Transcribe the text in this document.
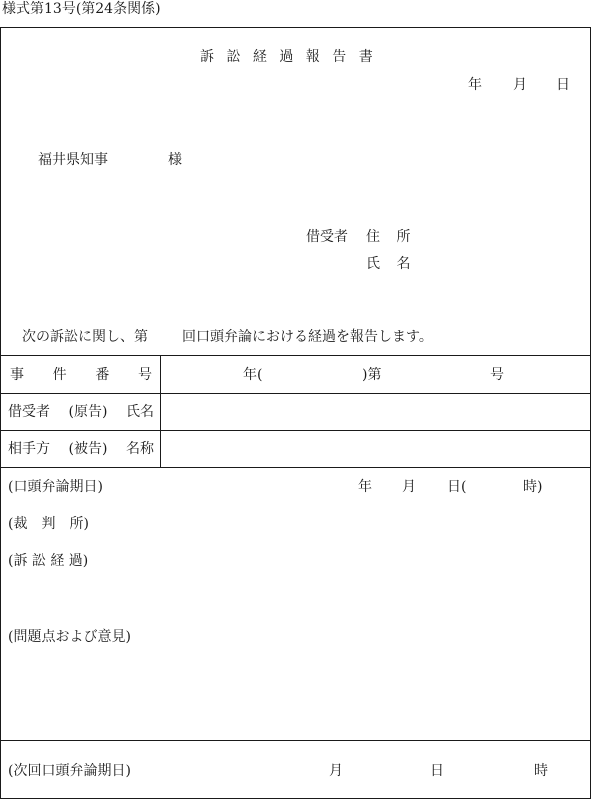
様式第13号(第24条関係)
訴 訟 経 過 報 告 書
年 月 日
福井県知事	様
借受者 住 所
氏 名
次の訴訟に関し、第 回口頭弁論における経過を報告します。
事 件 番 号	年(	)第	号
借受者 (原告) 氏名
相手方 (被告) 名称
(口頭弁論期日)	年 月 日(	時)
(裁　判　所)
(訴 訟 経 過)
(問題点および意見)
(次回口頭弁論期日)	月	日	時
